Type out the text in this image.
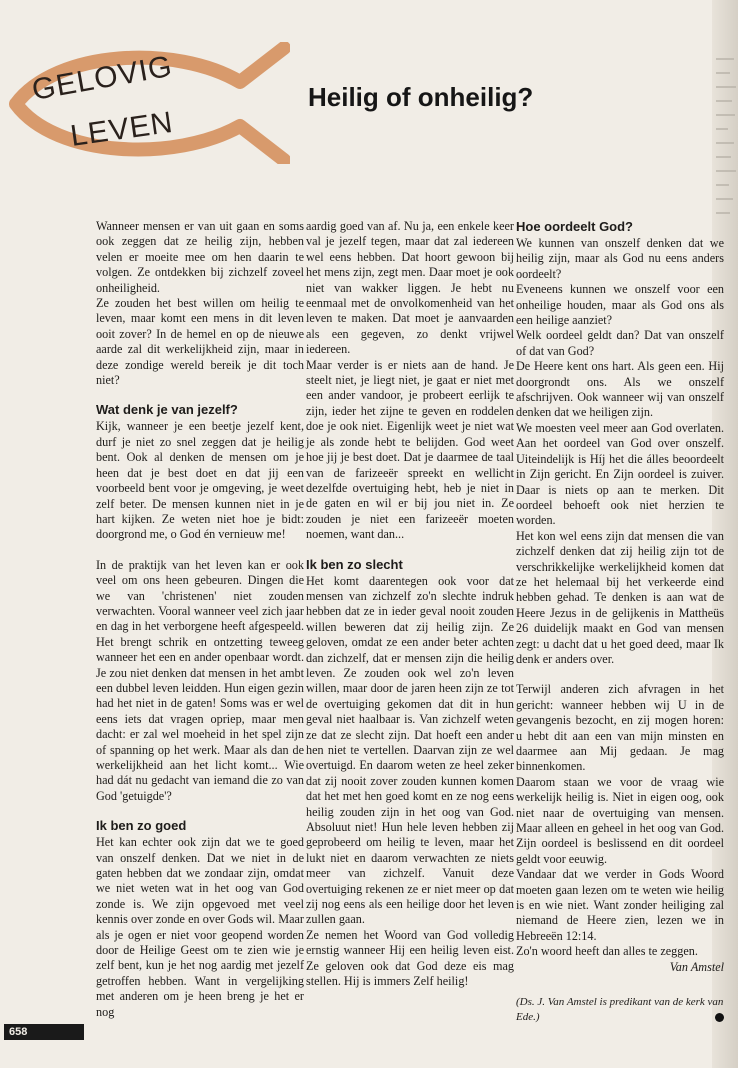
GELOVIG
LEVEN
Heilig of onheilig?

Wanneer mensen er van uit gaan en soms ook zeggen dat ze heilig zijn, hebben velen er moeite mee om hen daarin te volgen. Ze ontdekken bij zichzelf zoveel onheiligheid.

Ze zouden het best willen om heilig te leven, maar komt een mens in dit leven ooit zover? In de hemel en op de nieuwe aarde zal dit werkelijkheid zijn, maar in deze zondige wereld bereik je dit toch niet?

Wat denk je van jezelf?

Kijk, wanneer je een beetje jezelf kent, durf je niet zo snel zeggen dat je heilig bent. Ook al denken de mensen om je heen dat je best doet en dat jij een voorbeeld bent voor je omgeving, je weet zelf beter. De mensen kunnen niet in je hart kijken. Ze weten niet hoe je bidt: doorgrond me, o God én vernieuw me!

In de praktijk van het leven kan er ook veel om ons heen gebeuren. Dingen die we van 'christenen' niet zouden verwachten. Vooral wanneer veel zich jaar en dag in het verborgene heeft afgespeeld. Het brengt schrik en ontzetting teweeg wanneer het een en ander openbaar wordt. Je zou niet denken dat mensen in het ambt een dubbel leven leidden. Hun eigen gezin had het niet in de gaten! Soms was er wel eens iets dat vragen opriep, maar men dacht: er zal wel moeheid in het spel zijn of spanning op het werk. Maar als dan de werkelijkheid aan het licht komt... Wie had dát nu gedacht van iemand die zo van God 'getuigde'?

Ik ben zo goed

Het kan echter ook zijn dat we te goed van onszelf denken. Dat we niet in de gaten hebben dat we zondaar zijn, omdat we niet weten wat in het oog van God zonde is. We zijn opgevoed met veel kennis over zonde en over Gods wil. Maar als je ogen er niet voor geopend worden door de Heilige Geest om te zien wie je zelf bent, kun je het nog aardig met jezelf getroffen hebben. Want in vergelijking met anderen om je heen breng je het er nog

aardig goed van af. Nu ja, een enkele keer val je jezelf tegen, maar dat zal iedereen wel eens hebben. Dat hoort gewoon bij het mens zijn, zegt men. Daar moet je ook niet van wakker liggen. Je hebt nu eenmaal met de onvolkomenheid van het leven te maken. Dat moet je aanvaarden als een gegeven, zo denkt vrijwel iedereen.

Maar verder is er niets aan de hand. Je steelt niet, je liegt niet, je gaat er niet met een ander vandoor, je probeert eerlijk te zijn, ieder het zijne te geven en roddelen doe je ook niet. Eigenlijk weet je niet wat je als zonde hebt te belijden. God weet hoe jij je best doet. Dat je daarmee de taal van de farizeeër spreekt en wellicht dezelfde overtuiging hebt, heb je niet in de gaten en wil er bij jou niet in. Ze zouden je niet een farizeeër moeten noemen, want dan...

Ik ben zo slecht

Het komt daarentegen ook voor dat mensen van zichzelf zo'n slechte indruk hebben dat ze in ieder geval nooit zouden willen beweren dat zij heilig zijn. Ze geloven, omdat ze een ander beter achten dan zichzelf, dat er mensen zijn die heilig leven. Ze zouden ook wel zo'n leven willen, maar door de jaren heen zijn ze tot de overtuiging gekomen dat dit in hun geval niet haalbaar is. Van zichzelf weten ze dat ze slecht zijn. Dat hoeft een ander hen niet te vertellen. Daarvan zijn ze wel overtuigd. En daarom weten ze heel zeker dat zij nooit zover zouden kunnen komen dat het met hen goed komt en ze nog eens heilig zouden zijn in het oog van God. Absoluut niet! Hun hele leven hebben zij geprobeerd om heilig te leven, maar het lukt niet en daarom verwachten ze niets meer van zichzelf. Vanuit deze overtuiging rekenen ze er niet meer op dat zij nog eens als een heilige door het leven zullen gaan.

Ze nemen het Woord van God volledig ernstig wanneer Hij een heilig leven eist. Ze geloven ook dat God deze eis mag stellen. Hij is immers Zelf heilig!

Hoe oordeelt God?

We kunnen van onszelf denken dat we heilig zijn, maar als God nu eens anders oordeelt?

Eveneens kunnen we onszelf voor een onheilige houden, maar als God ons als een heilige aanziet?

Welk oordeel geldt dan? Dat van onszelf of dat van God?

De Heere kent ons hart. Als geen een. Hij doorgrondt ons. Als we onszelf afschrijven. Ook wanneer wij van onszelf denken dat we heiligen zijn.

We moesten veel meer aan God overlaten. Aan het oordeel van God over onszelf. Uiteindelijk is Híj het die álles beoordeelt in Zijn gericht. En Zijn oordeel is zuiver. Daar is niets op aan te merken. Dit oordeel behoeft ook niet herzien te worden.

Het kon wel eens zijn dat mensen die van zichzelf denken dat zij heilig zijn tot de verschrikkelijke werkelijkheid komen dat ze het helemaal bij het verkeerde eind hebben gehad. Te denken is aan wat de Heere Jezus in de gelijkenis in Mattheüs 26 duidelijk maakt en God van mensen zegt: u dacht dat u het goed deed, maar Ik denk er anders over.

Terwijl anderen zich afvragen in het gericht: wanneer hebben wij U in de gevangenis bezocht, en zij mogen horen: u hebt dit aan een van mijn minsten en daarmee aan Mij gedaan. Je mag binnenkomen.

Daarom staan we voor de vraag wie werkelijk heilig is. Niet in eigen oog, ook niet naar de overtuiging van mensen. Maar alleen en geheel in het oog van God. Zijn oordeel is beslissend en dit oordeel geldt voor eeuwig.

Vandaar dat we verder in Gods Woord moeten gaan lezen om te weten wie heilig is en wie niet. Want zonder heiliging zal niemand de Heere zien, lezen we in Hebreeën 12:14.

Zo'n woord heeft dan alles te zeggen.

Van Amstel

(Ds. J. Van Amstel is predikant van de kerk van Ede.)

658
